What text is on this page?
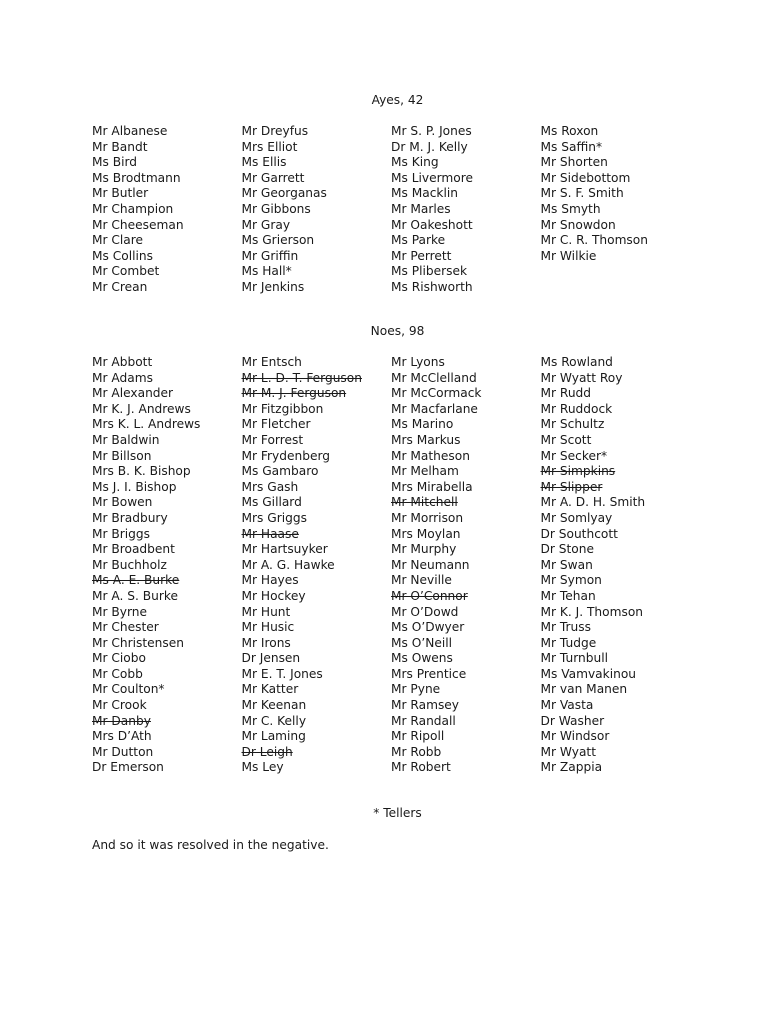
Ayes, 42
Mr Albanese
Mr Bandt
Ms Bird
Ms Brodtmann
Mr Butler
Mr Champion
Mr Cheeseman
Mr Clare
Ms Collins
Mr Combet
Mr Crean
Mr Dreyfus
Mrs Elliot
Ms Ellis
Mr Garrett
Mr Georganas
Mr Gibbons
Mr Gray
Ms Grierson
Mr Griffin
Ms Hall*
Mr Jenkins
Mr S. P. Jones
Dr M. J. Kelly
Ms King
Ms Livermore
Ms Macklin
Mr Marles
Mr Oakeshott
Ms Parke
Mr Perrett
Ms Plibersek
Ms Rishworth
Ms Roxon
Ms Saffin*
Mr Shorten
Mr Sidebottom
Mr S. F. Smith
Ms Smyth
Mr Snowdon
Mr C. R. Thomson
Mr Wilkie
Noes, 98
Mr Abbott
Mr Adams
Mr Alexander
Mr K. J. Andrews
Mrs K. L. Andrews
Mr Baldwin
Mr Billson
Mrs B. K. Bishop
Ms J. I. Bishop
Mr Bowen
Mr Bradbury
Mr Briggs
Mr Broadbent
Mr Buchholz
Ms A. E. Burke
Mr A. S. Burke
Mr Byrne
Mr Chester
Mr Christensen
Mr Ciobo
Mr Cobb
Mr Coulton*
Mr Crook
Mr Danby
Mrs D’Ath
Mr Dutton
Dr Emerson
Mr Entsch
Mr L. D. T. Ferguson
Mr M. J. Ferguson
Mr Fitzgibbon
Mr Fletcher
Mr Forrest
Mr Frydenberg
Ms Gambaro
Mrs Gash
Ms Gillard
Mrs Griggs
Mr Haase
Mr Hartsuyker
Mr A. G. Hawke
Mr Hayes
Mr Hockey
Mr Hunt
Mr Husic
Mr Irons
Dr Jensen
Mr E. T. Jones
Mr Katter
Mr Keenan
Mr C. Kelly
Mr Laming
Dr Leigh
Ms Ley
Mr Lyons
Mr McClelland
Mr McCormack
Mr Macfarlane
Ms Marino
Mrs Markus
Mr Matheson
Mr Melham
Mrs Mirabella
Mr Mitchell
Mr Morrison
Mrs Moylan
Mr Murphy
Mr Neumann
Mr Neville
Mr O’Connor
Mr O’Dowd
Ms O’Dwyer
Ms O’Neill
Ms Owens
Mrs Prentice
Mr Pyne
Mr Ramsey
Mr Randall
Mr Ripoll
Mr Robb
Mr Robert
Ms Rowland
Mr Wyatt Roy
Mr Rudd
Mr Ruddock
Mr Schultz
Mr Scott
Mr Secker*
Mr Simpkins
Mr Slipper
Mr A. D. H. Smith
Mr Somlyay
Dr Southcott
Dr Stone
Mr Swan
Mr Symon
Mr Tehan
Mr K. J. Thomson
Mr Truss
Mr Tudge
Mr Turnbull
Ms Vamvakinou
Mr van Manen
Mr Vasta
Dr Washer
Mr Windsor
Mr Wyatt
Mr Zappia
* Tellers
And so it was resolved in the negative.
